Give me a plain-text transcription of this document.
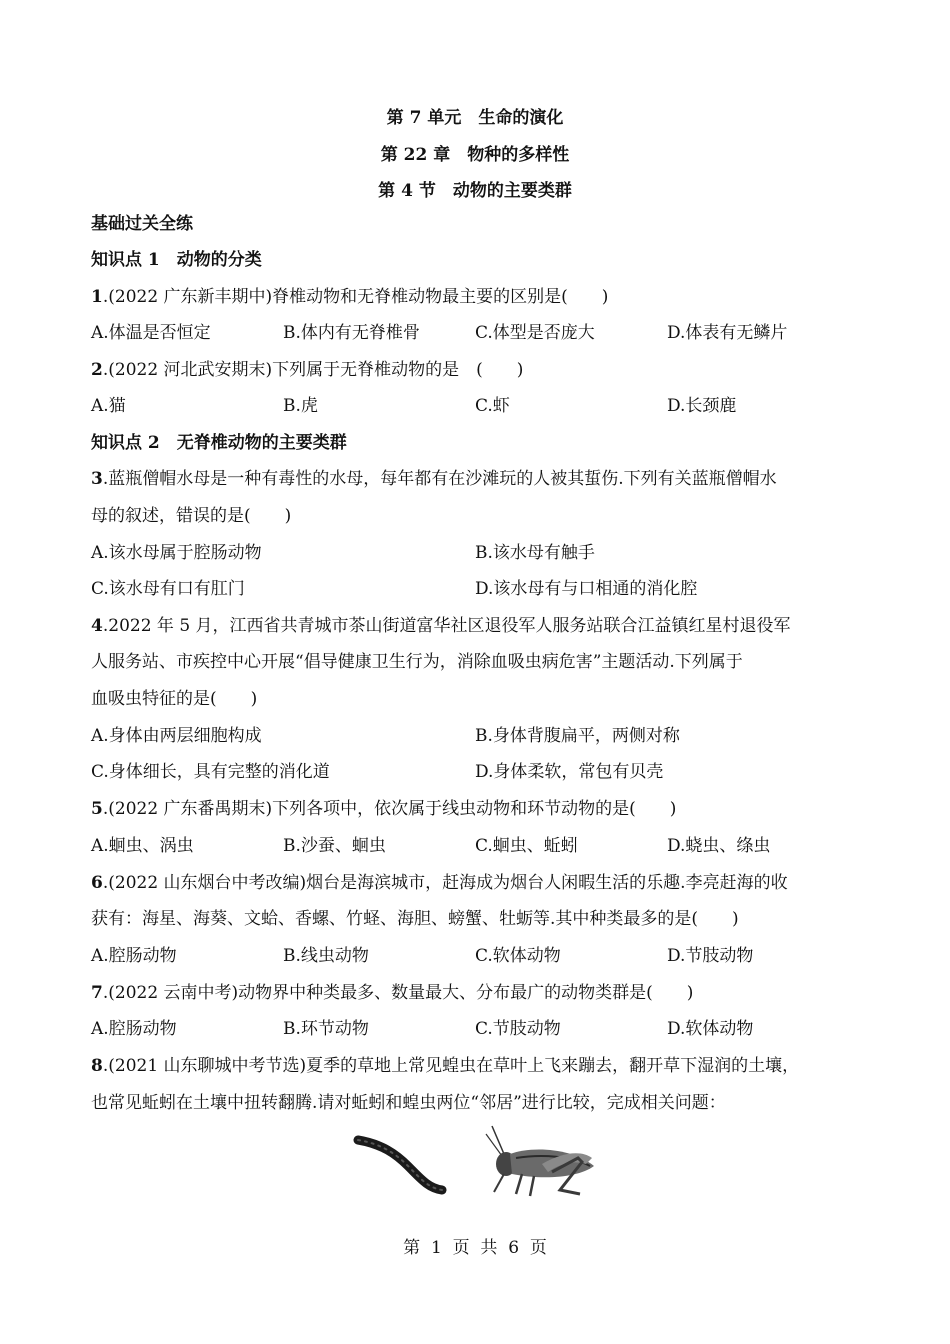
第 7 单元　生命的演化
第 22 章　物种的多样性
第 4 节　动物的主要类群
基础过关全练
知识点 1　动物的分类
1.(2022 广东新丰期中)脊椎动物和无脊椎动物最主要的区别是(　　)
A.体温是否恒定	B.体内有无脊椎骨	C.体型是否庞大	D.体表有无鳞片
2.(2022 河北武安期末)下列属于无脊椎动物的是　(　　)
A.猫	B.虎	C.虾	D.长颈鹿
知识点 2　无脊椎动物的主要类群
3.蓝瓶僧帽水母是一种有毒性的水母，每年都有在沙滩玩的人被其蜇伤.下列有关蓝瓶僧帽水
母的叙述，错误的是(　　)
A.该水母属于腔肠动物	B.该水母有触手
C.该水母有口有肛门	D.该水母有与口相通的消化腔
4.2022 年 5 月，江西省共青城市茶山街道富华社区退役军人服务站联合江益镇红星村退役军
人服务站、市疾控中心开展“倡导健康卫生行为，消除血吸虫病危害”主题活动.下列属于
血吸虫特征的是(　　)
A.身体由两层细胞构成	B.身体背腹扁平，两侧对称
C.身体细长，具有完整的消化道	D.身体柔软，常包有贝壳
5.(2022 广东番禺期末)下列各项中，依次属于线虫动物和环节动物的是(　　)
A.蛔虫、涡虫	B.沙蚕、蛔虫	C.蛔虫、蚯蚓	D.蛲虫、绦虫
6.(2022 山东烟台中考改编)烟台是海滨城市，赶海成为烟台人闲暇生活的乐趣.李亮赶海的收
获有：海星、海葵、文蛤、香螺、竹蛏、海胆、螃蟹、牡蛎等.其中种类最多的是(　　)
A.腔肠动物	B.线虫动物	C.软体动物	D.节肢动物
7.(2022 云南中考)动物界中种类最多、数量最大、分布最广的动物类群是(　　)
A.腔肠动物	B.环节动物	C.节肢动物	D.软体动物
8.(2021 山东聊城中考节选)夏季的草地上常见蝗虫在草叶上飞来蹦去，翻开草下湿润的土壤，
也常见蚯蚓在土壤中扭转翻腾.请对蚯蚓和蝗虫两位“邻居”进行比较，完成相关问题：
第  1  页  共  6  页
